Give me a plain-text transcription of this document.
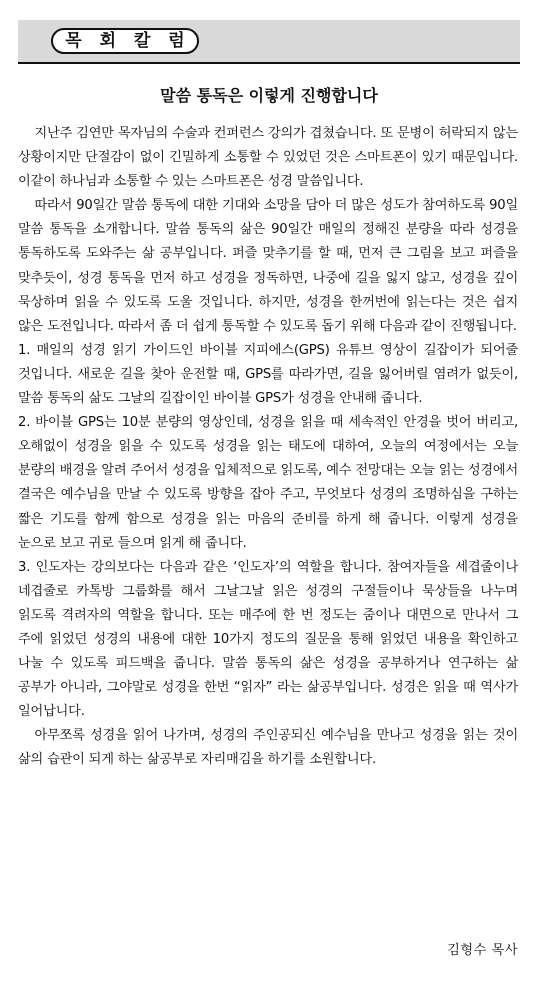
목 회 칼 럼
말씀 통독은 이렇게 진행합니다

지난주 김연만 목자님의 수술과 컨퍼런스 강의가 겹쳤습니다. 또 문병이 허락되지 않는 상황이지만 단절감이 없이 긴밀하게 소통할 수 있었던 것은 스마트폰이 있기 때문입니다. 이같이 하나님과 소통할 수 있는 스마트폰은 성경 말씀입니다.

따라서 90일간 말씀 통독에 대한 기대와 소망을 담아 더 많은 성도가 참여하도록 90일 말씀 통독을 소개합니다. 말씀 통독의 삶은 90일간 매일의 정해진 분량을 따라 성경을 통독하도록 도와주는 삶 공부입니다. 퍼즐 맞추기를 할 때, 먼저 큰 그림을 보고 퍼즐을 맞추듯이, 성경 통독을 먼저 하고 성경을 정독하면, 나중에 길을 잃지 않고, 성경을 깊이 묵상하며 읽을 수 있도록 도울 것입니다. 하지만, 성경을 한꺼번에 읽는다는 것은 쉽지 않은 도전입니다. 따라서 좀 더 쉽게 통독할 수 있도록 돕기 위해 다음과 같이 진행됩니다.

1. 매일의 성경 읽기 가이드인 바이블 지피에스(GPS) 유튜브 영상이 길잡이가 되어줄 것입니다. 새로운 길을 찾아 운전할 때, GPS를 따라가면, 길을 잃어버릴 염려가 없듯이, 말씀 통독의 삶도 그날의 길잡이인 바이블 GPS가 성경을 안내해 줍니다.

2. 바이블 GPS는 10분 분량의 영상인데, 성경을 읽을 때 세속적인 안경을 벗어 버리고, 오해없이 성경을 읽을 수 있도록 성경을 읽는 태도에 대하여, 오늘의 여정에서는 오늘 분량의 배경을 알려 주어서 성경을 입체적으로 읽도록, 예수 전망대는 오늘 읽는 성경에서 결국은 예수님을 만날 수 있도록 방향을 잡아 주고, 무엇보다 성경의 조명하심을 구하는 짧은 기도를 함께 함으로 성경을 읽는 마음의 준비를 하게 해 줍니다. 이렇게 성경을 눈으로 보고 귀로 들으며 읽게 해 줍니다.

3. 인도자는 강의보다는 다음과 같은 ‘인도자’의 역할을 합니다. 참여자들을 세겹줄이나 네겹줄로 카톡방 그룹화를 해서 그날그날 읽은 성경의 구절들이나 묵상들을 나누며 읽도록 격려자의 역할을 합니다. 또는 매주에 한 번 정도는 줌이나 대면으로 만나서 그 주에 읽었던 성경의 내용에 대한 10가지 정도의 질문을 통해 읽었던 내용을 확인하고 나눌 수 있도록 피드백을 줍니다. 말씀 통독의 삶은 성경을 공부하거나 연구하는 삶 공부가 아니라, 그야말로 성경을 한번 “읽자” 라는 삶공부입니다. 성경은 읽을 때 역사가 일어납니다.

아무쪼록 성경을 읽어 나가며, 성경의 주인공되신 예수님을 만나고 성경을 읽는 것이 삶의 습관이 되게 하는 삶공부로 자리매김을 하기를 소원합니다.

김형수 목사
